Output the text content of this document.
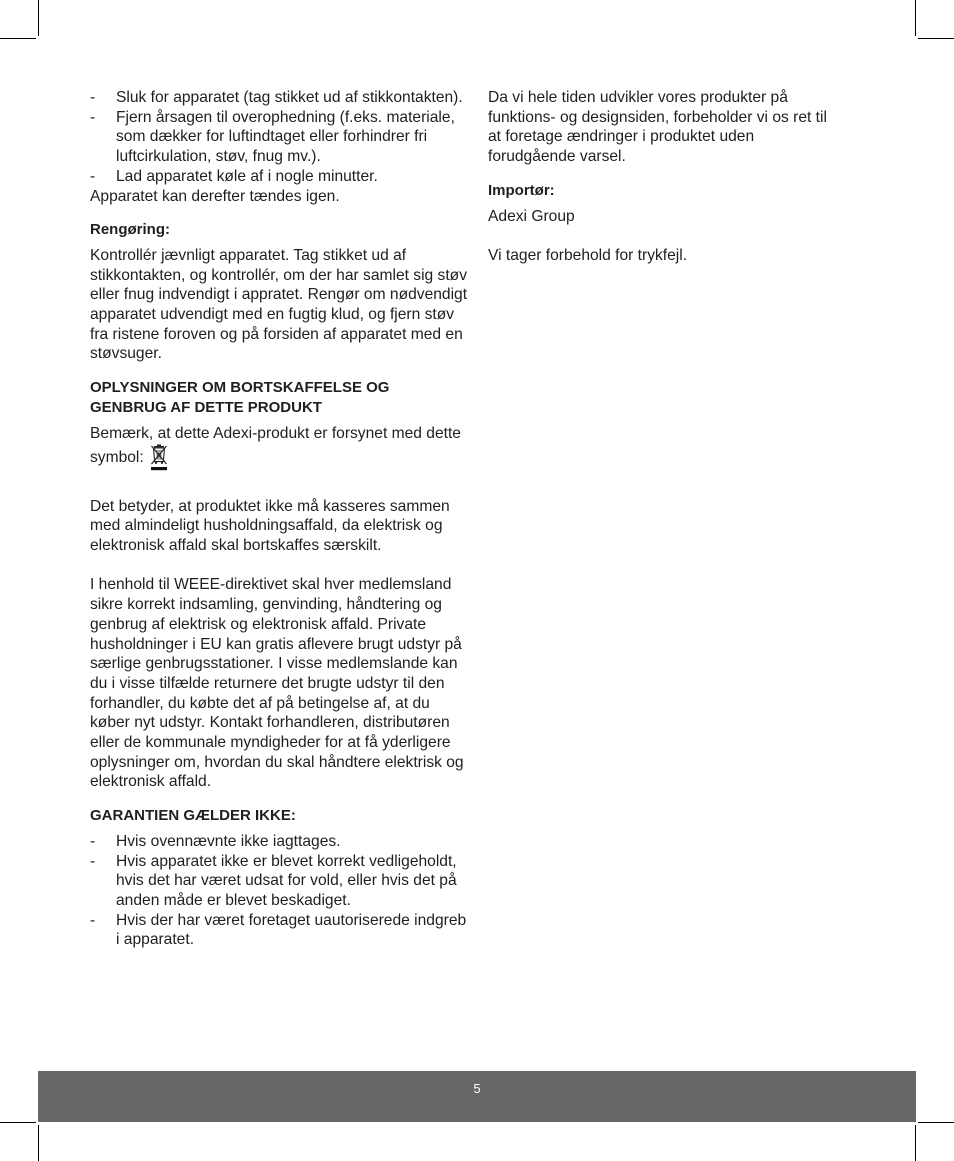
- Sluk for apparatet (tag stikket ud af stikkontakten).
- Fjern årsagen til overophedning (f.eks. materiale, som dækker for luftindtaget eller forhindrer fri luftcirkulation, støv, fnug mv.).
- Lad apparatet køle af i nogle minutter.

Apparatet kan derefter tændes igen.

Rengøring:

Kontrollér jævnligt apparatet. Tag stikket ud af stikkontakten, og kontrollér, om der har samlet sig støv eller fnug indvendigt i appratet. Rengør om nødvendigt apparatet udvendigt med en fugtig klud, og fjern støv fra ristene foroven og på forsiden af apparatet med en støvsuger.

OPLYSNINGER OM BORTSKAFFELSE OG GENBRUG AF DETTE PRODUKT

Bemærk, at dette Adexi-produkt er forsynet med dette symbol:

Det betyder, at produktet ikke må kasseres sammen med almindeligt husholdningsaffald, da elektrisk og elektronisk affald skal bortskaffes særskilt.

I henhold til WEEE-direktivet skal hver medlemsland sikre korrekt indsamling, genvinding, håndtering og genbrug af elektrisk og elektronisk affald. Private husholdninger i EU kan gratis aflevere brugt udstyr på særlige genbrugsstationer. I visse medlemslande kan du i visse tilfælde returnere det brugte udstyr til den forhandler, du købte det af på betingelse af, at du køber nyt udstyr. Kontakt forhandleren, distributøren eller de kommunale myndigheder for at få yderligere oplysninger om, hvordan du skal håndtere elektrisk og elektronisk affald.

GARANTIEN GÆLDER IKKE:

- Hvis ovennævnte ikke iagttages.
- Hvis apparatet ikke er blevet korrekt vedligeholdt, hvis det har været udsat for vold, eller hvis det på anden måde er blevet beskadiget.
- Hvis der har været foretaget uautoriserede indgreb i apparatet.

Da vi hele tiden udvikler vores produkter på funktions- og designsiden, forbeholder vi os ret til at foretage ændringer i produktet uden forudgående varsel.

Importør:

Adexi Group

Vi tager forbehold for trykfejl.

5
